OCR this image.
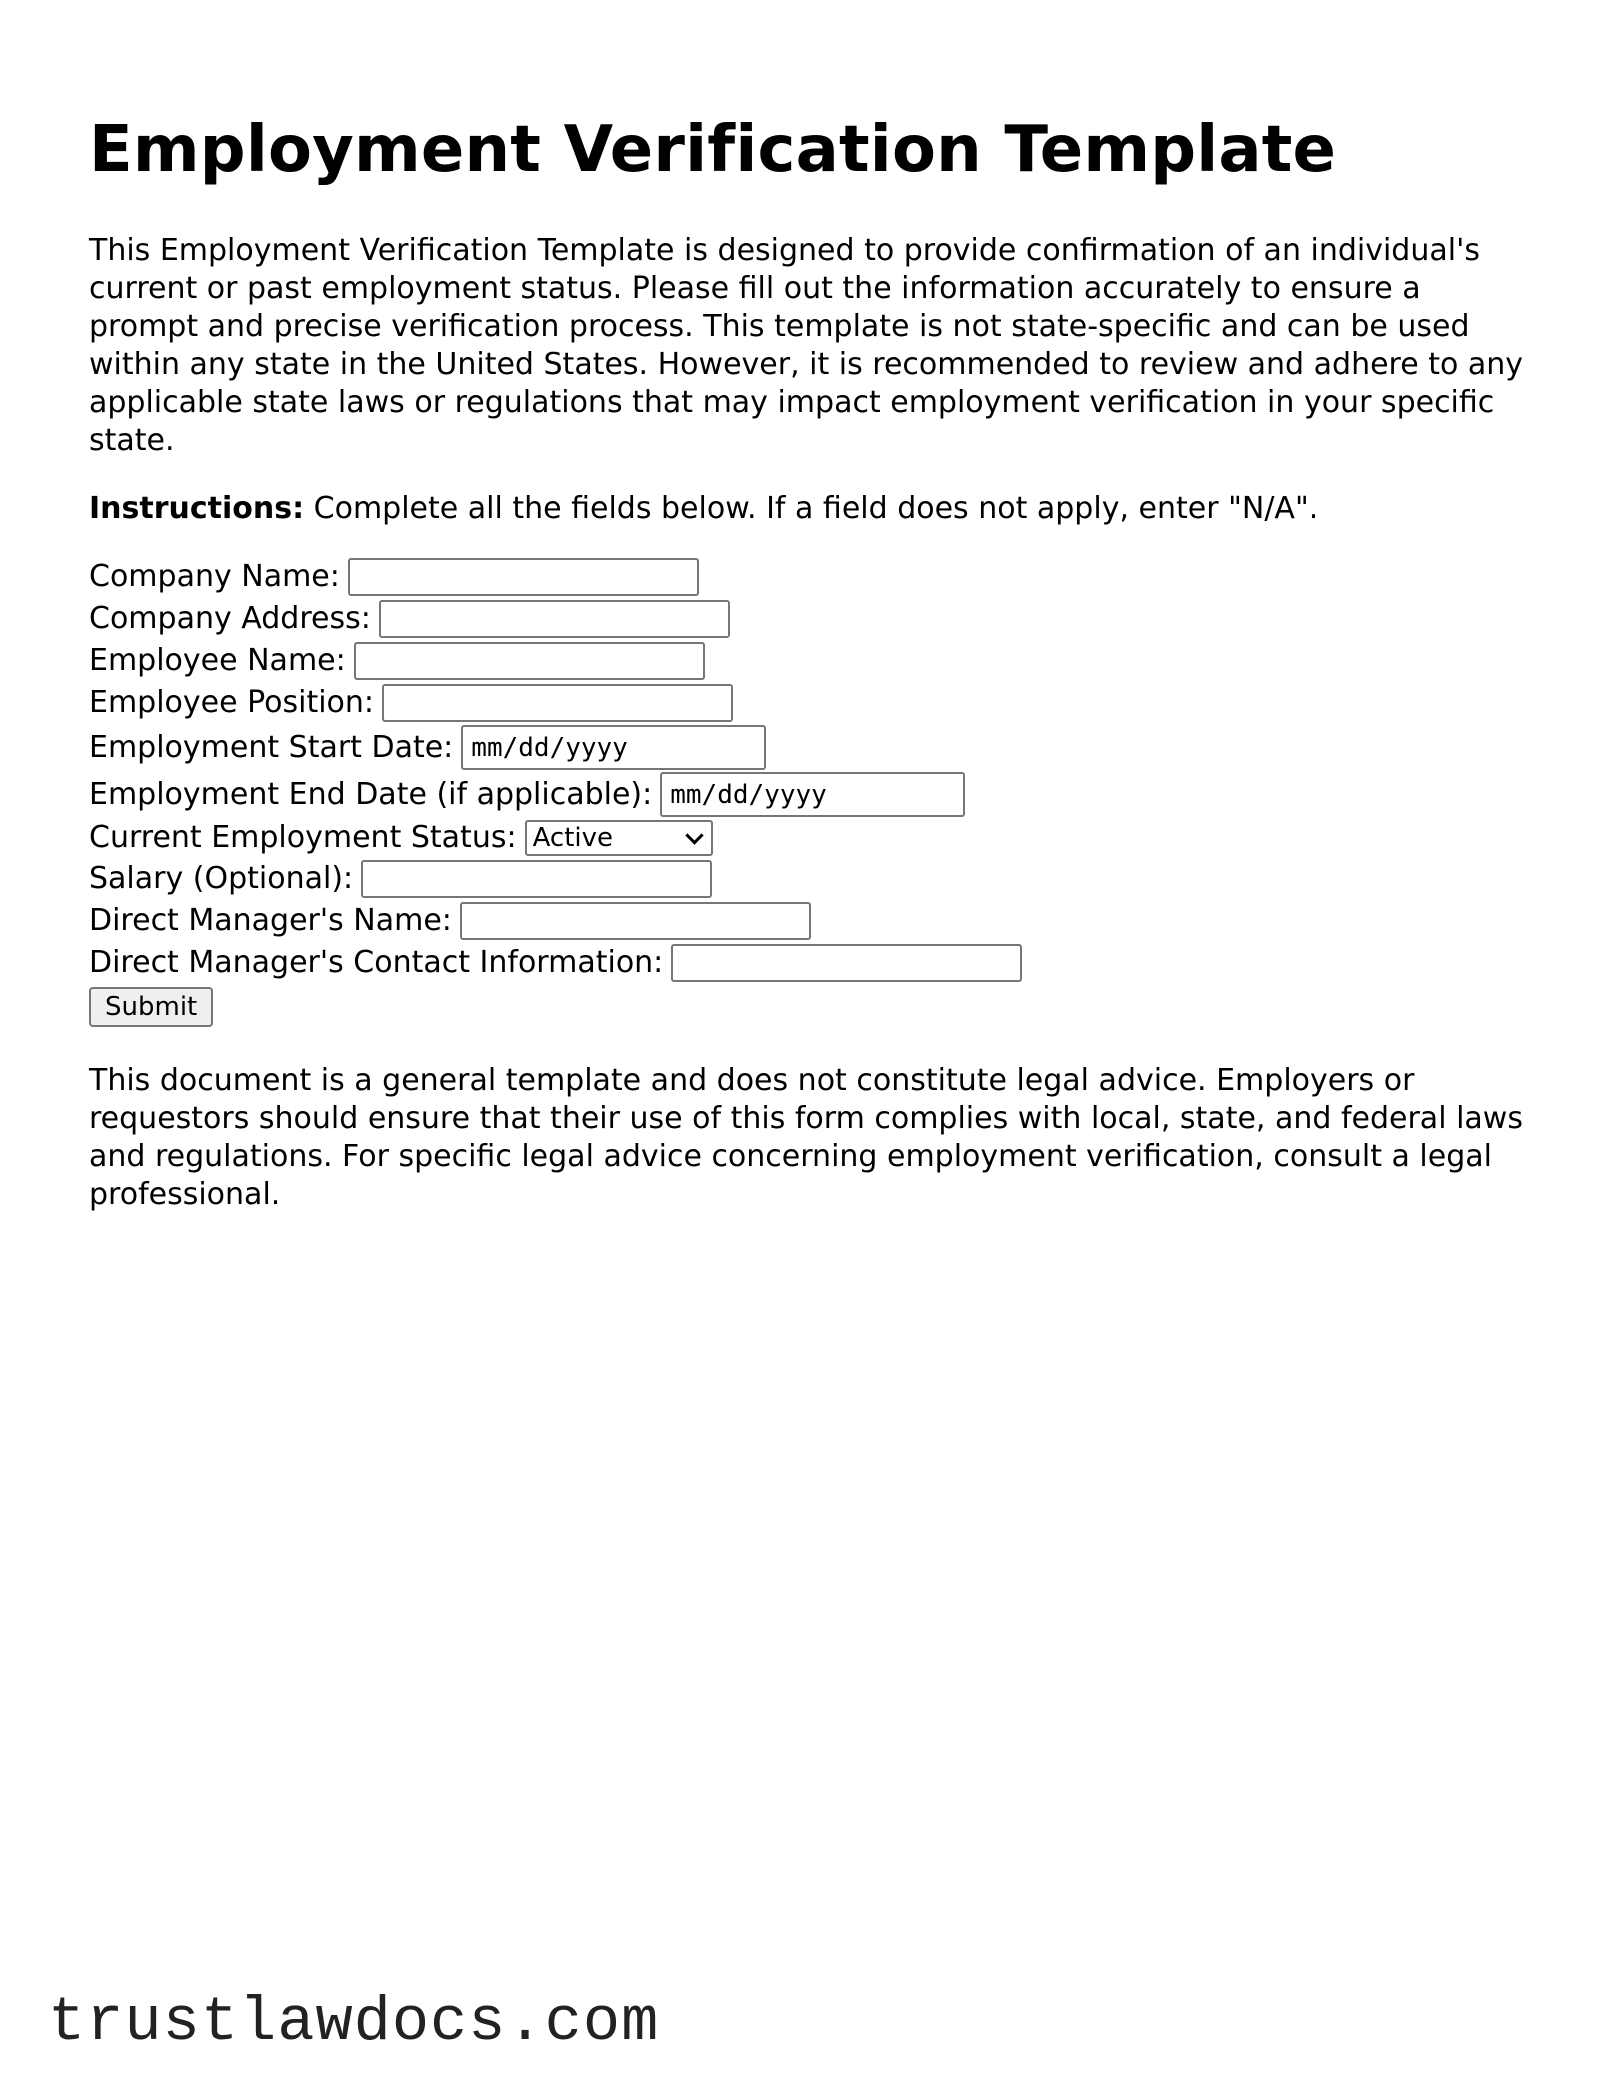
Employment Verification Template

This Employment Verification Template is designed to provide confirmation of an individual's current or past employment status. Please fill out the information accurately to ensure a prompt and precise verification process. This template is not state-specific and can be used within any state in the United States. However, it is recommended to review and adhere to any applicable state laws or regulations that may impact employment verification in your specific state.

Instructions: Complete all the fields below. If a field does not apply, enter "N/A".

Company Name:
Company Address:
Employee Name:
Employee Position:
Employment Start Date: mm/dd/yyyy
Employment End Date (if applicable): mm/dd/yyyy
Current Employment Status: Active
Salary (Optional):
Direct Manager's Name:
Direct Manager's Contact Information:
Submit

This document is a general template and does not constitute legal advice. Employers or requestors should ensure that their use of this form complies with local, state, and federal laws and regulations. For specific legal advice concerning employment verification, consult a legal professional.

trustlawdocs.com
